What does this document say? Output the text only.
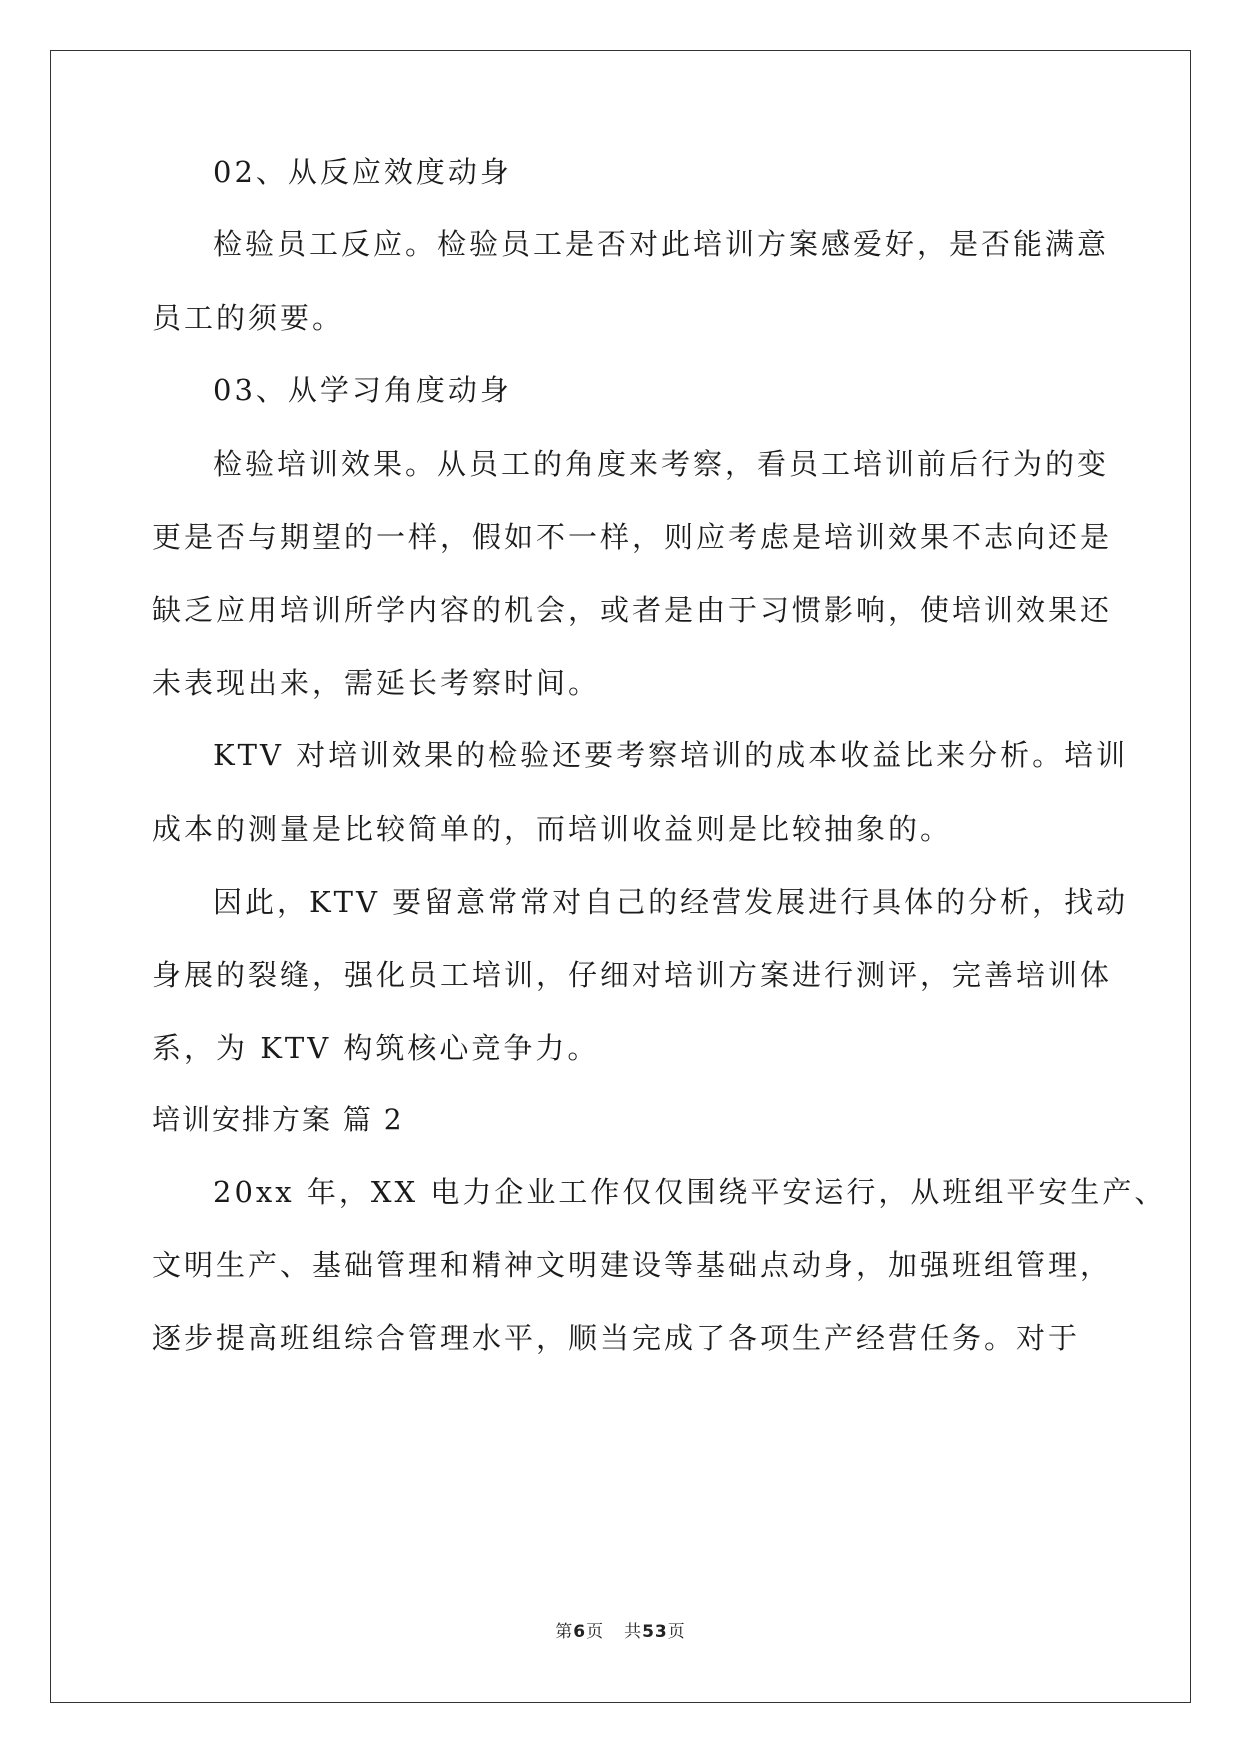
02、从反应效度动身
检验员工反应。检验员工是否对此培训方案感爱好，是否能满意
员工的须要。
03、从学习角度动身
检验培训效果。从员工的角度来考察，看员工培训前后行为的变
更是否与期望的一样，假如不一样，则应考虑是培训效果不志向还是
缺乏应用培训所学内容的机会，或者是由于习惯影响，使培训效果还
未表现出来，需延长考察时间。
KTV 对培训效果的检验还要考察培训的成本收益比来分析。培训
成本的测量是比较简单的，而培训收益则是比较抽象的。
因此，KTV 要留意常常对自己的经营发展进行具体的分析，找动
身展的裂缝，强化员工培训，仔细对培训方案进行测评，完善培训体
系，为 KTV 构筑核心竞争力。
培训安排方案 篇 2
20xx 年，XX 电力企业工作仅仅围绕平安运行，从班组平安生产、
文明生产、基础管理和精神文明建设等基础点动身，加强班组管理，
逐步提高班组综合管理水平，顺当完成了各项生产经营任务。对于
第6页 共53页
